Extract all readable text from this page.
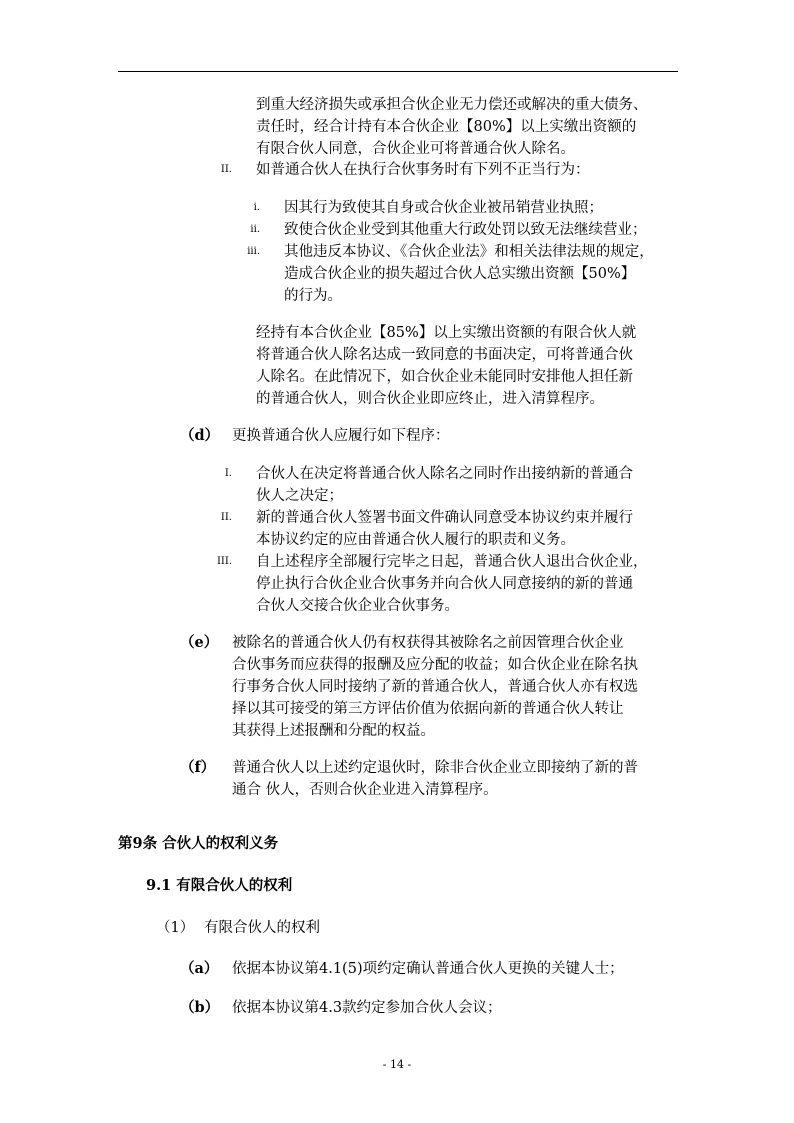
到重大经济损失或承担合伙企业无力偿还或解决的重大债务、
责任时，经合计持有本合伙企业【80%】以上实缴出资额的
有限合伙人同意，合伙企业可将普通合伙人除名。
II. 如普通合伙人在执行合伙事务时有下列不正当行为：
i. 因其行为致使其自身或合伙企业被吊销营业执照；
ii. 致使合伙企业受到其他重大行政处罚以致无法继续营业；
iii. 其他违反本协议、《合伙企业法》和相关法律法规的规定，
造成合伙企业的损失超过合伙人总实缴出资额【50%】
的行为。
经持有本合伙企业【85%】以上实缴出资额的有限合伙人就
将普通合伙人除名达成一致同意的书面决定，可将普通合伙
人除名。在此情况下，如合伙企业未能同时安排他人担任新
的普通合伙人，则合伙企业即应终止，进入清算程序。
（d） 更换普通合伙人应履行如下程序：
I. 合伙人在决定将普通合伙人除名之同时作出接纳新的普通合
伙人之决定；
II. 新的普通合伙人签署书面文件确认同意受本协议约束并履行
本协议约定的应由普通合伙人履行的职责和义务。
III. 自上述程序全部履行完毕之日起，普通合伙人退出合伙企业，
停止执行合伙企业合伙事务并向合伙人同意接纳的新的普通
合伙人交接合伙企业合伙事务。
（e） 被除名的普通合伙人仍有权获得其被除名之前因管理合伙企业
合伙事务而应获得的报酬及应分配的收益；如合伙企业在除名执
行事务合伙人同时接纳了新的普通合伙人，普通合伙人亦有权选
择以其可接受的第三方评估价值为依据向新的普通合伙人转让
其获得上述报酬和分配的权益。
（f） 普通合伙人以上述约定退伙时，除非合伙企业立即接纳了新的普
通合 伙人，否则合伙企业进入清算程序。
第9条 合伙人的权利义务
9.1 有限合伙人的权利
（1） 有限合伙人的权利
（a） 依据本协议第4.1(5)项约定确认普通合伙人更换的关键人士；
（b） 依据本协议第4.3款约定参加合伙人会议；
- 14 -
